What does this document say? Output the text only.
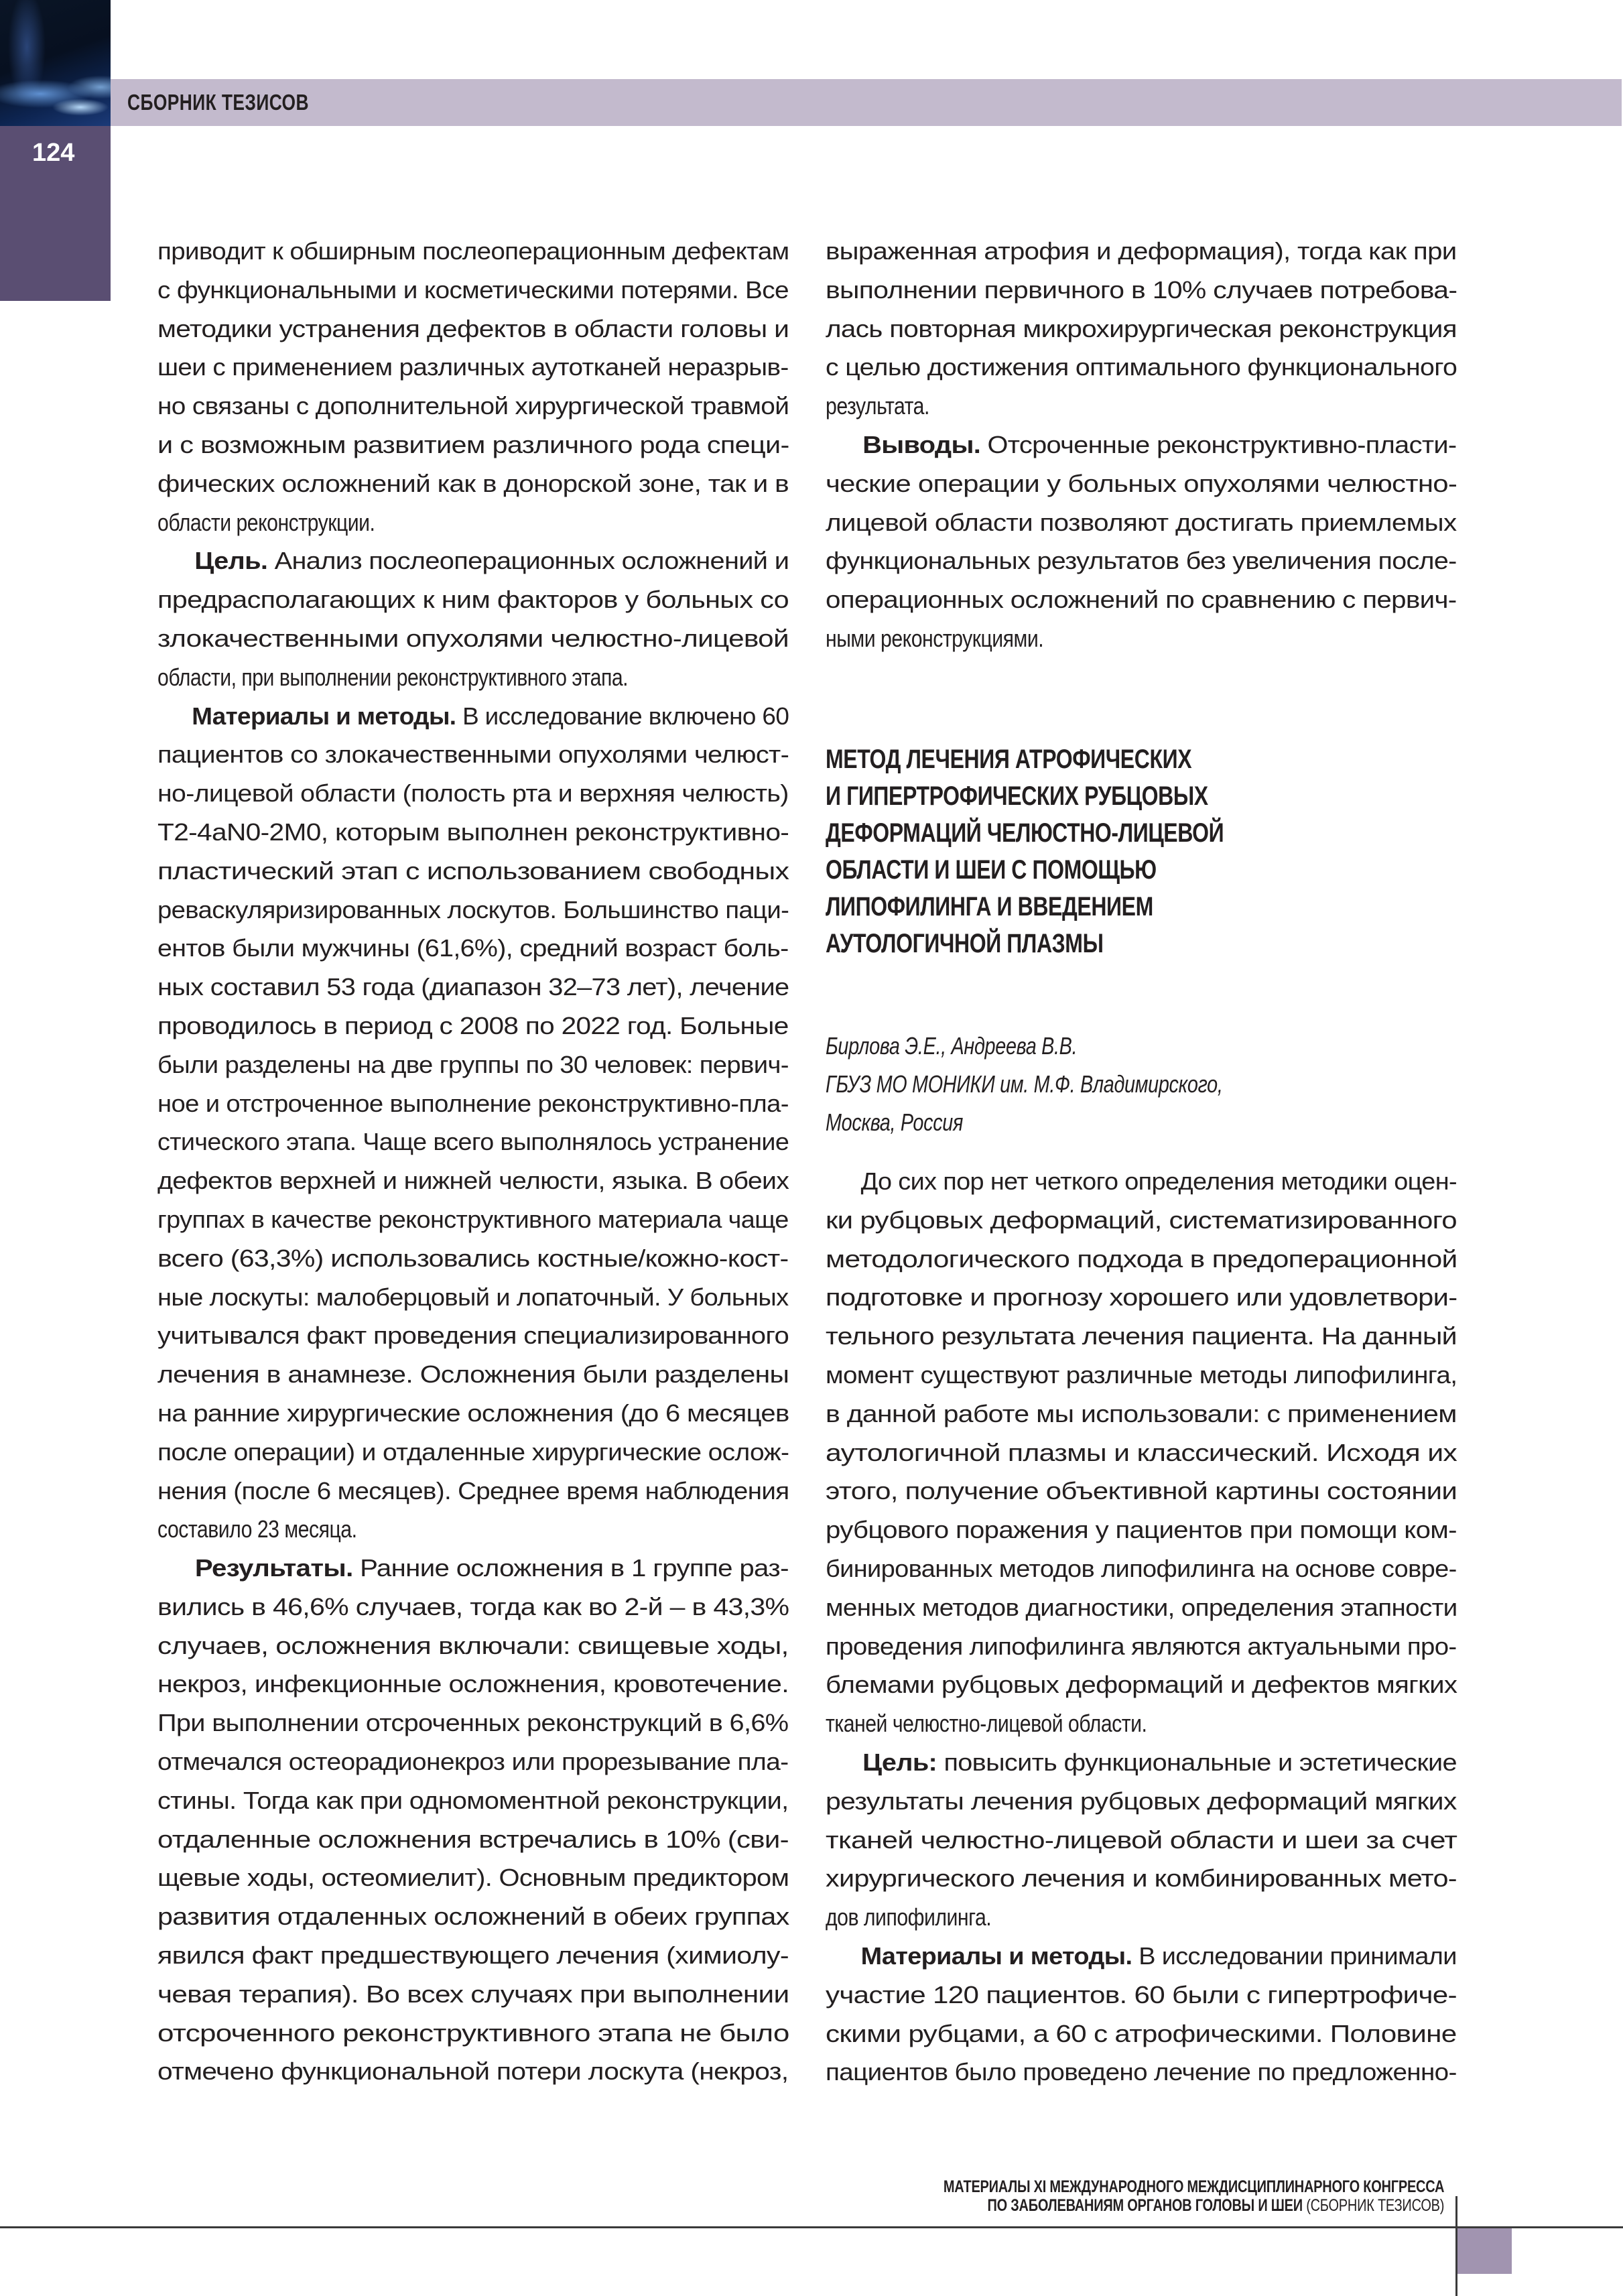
СБОРНИК ТЕЗИСОВ
124
приводит к обширным послеоперационным дефектам
с функциональными и косметическими потерями. Все
методики устранения дефектов в области головы и
шеи с применением различных аутотканей неразрыв-
но связаны с дополнительной хирургической травмой
и с возможным развитием различного рода специ-
фических осложнений как в донорской зоне, так и в
области реконструкции.
Цель. Анализ послеоперационных осложнений и
предрасполагающих к ним факторов у больных со
злокачественными опухолями челюстно-лицевой
области, при выполнении реконструктивного этапа.
Материалы и методы. В исследование включено 60
пациентов со злокачественными опухолями челюст-
но-лицевой области (полость рта и верхняя челюсть)
T2-4aN0-2M0, которым выполнен реконструктивно-
пластический этап с использованием свободных
реваскуляризированных лоскутов. Большинство паци-
ентов были мужчины (61,6%), средний возраст боль-
ных составил 53 года (диапазон 32–73 лет), лечение
проводилось в период с 2008 по 2022 год. Больные
были разделены на две группы по 30 человек: первич-
ное и отстроченное выполнение реконструктивно-пла-
стического этапа. Чаще всего выполнялось устранение
дефектов верхней и нижней челюсти, языка. В обеих
группах в качестве реконструктивного материала чаще
всего (63,3%) использовались костные/кожно-кост-
ные лоскуты: малоберцовый и лопаточный. У больных
учитывался факт проведения специализированного
лечения в анамнезе. Осложнения были разделены
на ранние хирургические осложнения (до 6 месяцев
после операции) и отдаленные хирургические ослож-
нения (после 6 месяцев). Среднее время наблюдения
составило 23 месяца.
Результаты. Ранние осложнения в 1 группе раз-
вились в 46,6% случаев, тогда как во 2-й – в 43,3%
случаев, осложнения включали: свищевые ходы,
некроз, инфекционные осложнения, кровотечение.
При выполнении отсроченных реконструкций в 6,6%
отмечался остеорадионекроз или прорезывание пла-
стины. Тогда как при одномоментной реконструкции,
отдаленные осложнения встречались в 10% (сви-
щевые ходы, остеомиелит). Основным предиктором
развития отдаленных осложнений в обеих группах
явился факт предшествующего лечения (химиолу-
чевая терапия). Во всех случаях при выполнении
отсроченного реконструктивного этапа не было
отмечено функциональной потери лоскута (некроз,
выраженная атрофия и деформация), тогда как при
выполнении первичного в 10% случаев потребова-
лась повторная микрохирургическая реконструкция
с целью достижения оптимального функционального
результата.
Выводы. Отсроченные реконструктивно-пласти-
ческие операции у больных опухолями челюстно-
лицевой области позволяют достигать приемлемых
функциональных результатов без увеличения после-
операционных осложнений по сравнению с первич-
ными реконструкциями.
МЕТОД ЛЕЧЕНИЯ АТРОФИЧЕСКИХ
И ГИПЕРТРОФИЧЕСКИХ РУБЦОВЫХ
ДЕФОРМАЦИЙ ЧЕЛЮСТНО-ЛИЦЕВОЙ
ОБЛАСТИ И ШЕИ С ПОМОЩЬЮ
ЛИПОФИЛИНГА И ВВЕДЕНИЕМ
АУТОЛОГИЧНОЙ ПЛАЗМЫ
Бирлова Э.Е., Андреева В.В.
ГБУЗ МО МОНИКИ им. М.Ф. Владимирского,
Москва, Россия
До сих пор нет четкого определения методики оцен-
ки рубцовых деформаций, систематизированного
методологического подхода в предоперационной
подготовке и прогнозу хорошего или удовлетвори-
тельного результата лечения пациента. На данный
момент существуют различные методы липофилинга,
в данной работе мы использовали: с применением
аутологичной плазмы и классический. Исходя их
этого, получение объективной картины состоянии
рубцового поражения у пациентов при помощи ком-
бинированных методов липофилинга на основе совре-
менных методов диагностики, определения этапности
проведения липофилинга являются актуальными про-
блемами рубцовых деформаций и дефектов мягких
тканей челюстно-лицевой области.
Цель: повысить функциональные и эстетические
результаты лечения рубцовых деформаций мягких
тканей челюстно-лицевой области и шеи за счет
хирургического лечения и комбинированных мето-
дов липофилинга.
Материалы и методы. В исследовании принимали
участие 120 пациентов. 60 были с гипертрофиче-
скими рубцами, а 60 с атрофическими. Половине
пациентов было проведено лечение по предложенно-
МАТЕРИАЛЫ XI МЕЖДУНАРОДНОГО МЕЖДИСЦИПЛИНАРНОГО КОНГРЕССА
ПО ЗАБОЛЕВАНИЯМ ОРГАНОВ ГОЛОВЫ И ШЕИ (СБОРНИК ТЕЗИСОВ)
